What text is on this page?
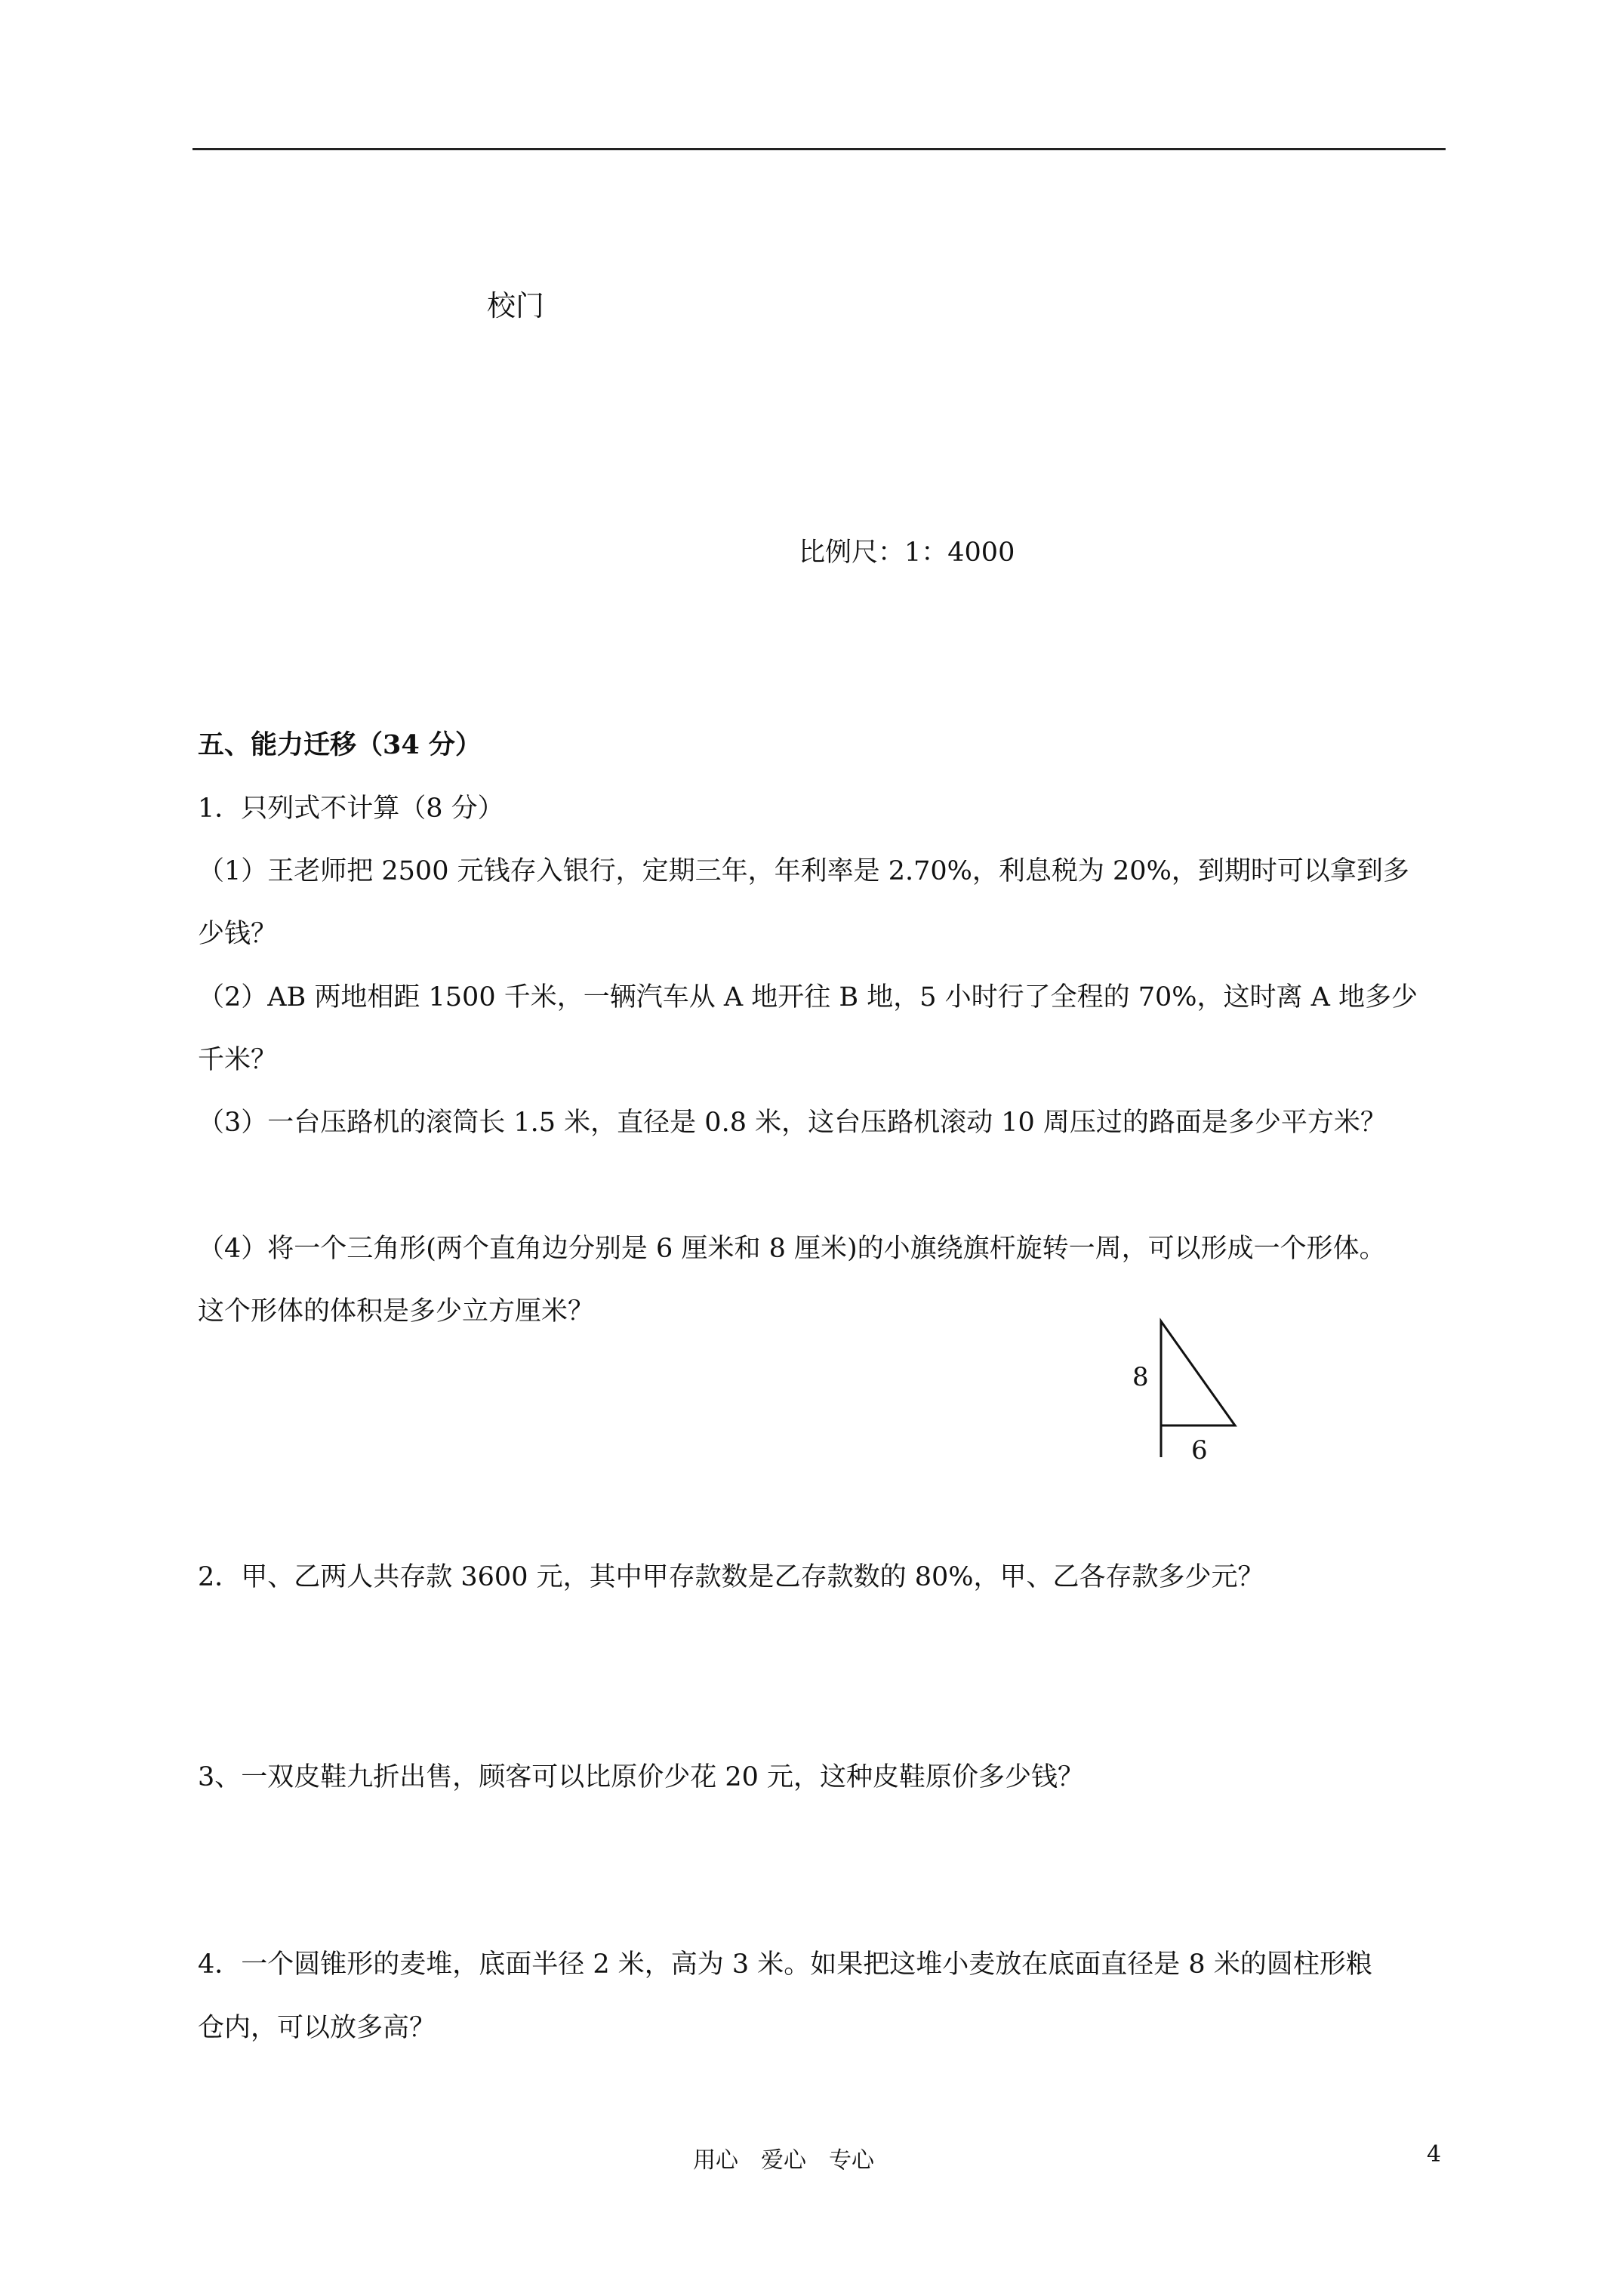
校门
比例尺：1：4000
五、能力迁移（34 分）
1．只列式不计算（8 分）
（1）王老师把 2500 元钱存入银行，定期三年，年利率是 2.70%，利息税为 20%，到期时可以拿到多
少钱？
（2）AB 两地相距 1500 千米，一辆汽车从 A 地开往 B 地，5 小时行了全程的 70%，这时离 A 地多少
千米？
（3）一台压路机的滚筒长 1.5 米，直径是 0.8 米，这台压路机滚动 10 周压过的路面是多少平方米？
（4）将一个三角形(两个直角边分别是 6 厘米和 8 厘米)的小旗绕旗杆旋转一周，可以形成一个形体。
这个形体的体积是多少立方厘米？
8
6
2．甲、乙两人共存款 3600 元，其中甲存款数是乙存款数的 80%，甲、乙各存款多少元？
3、一双皮鞋九折出售，顾客可以比原价少花 20 元，这种皮鞋原价多少钱？
4．一个圆锥形的麦堆，底面半径 2 米，高为 3 米。如果把这堆小麦放在底面直径是 8 米的圆柱形粮
仓内，可以放多高？
用心　爱心　专心	4
